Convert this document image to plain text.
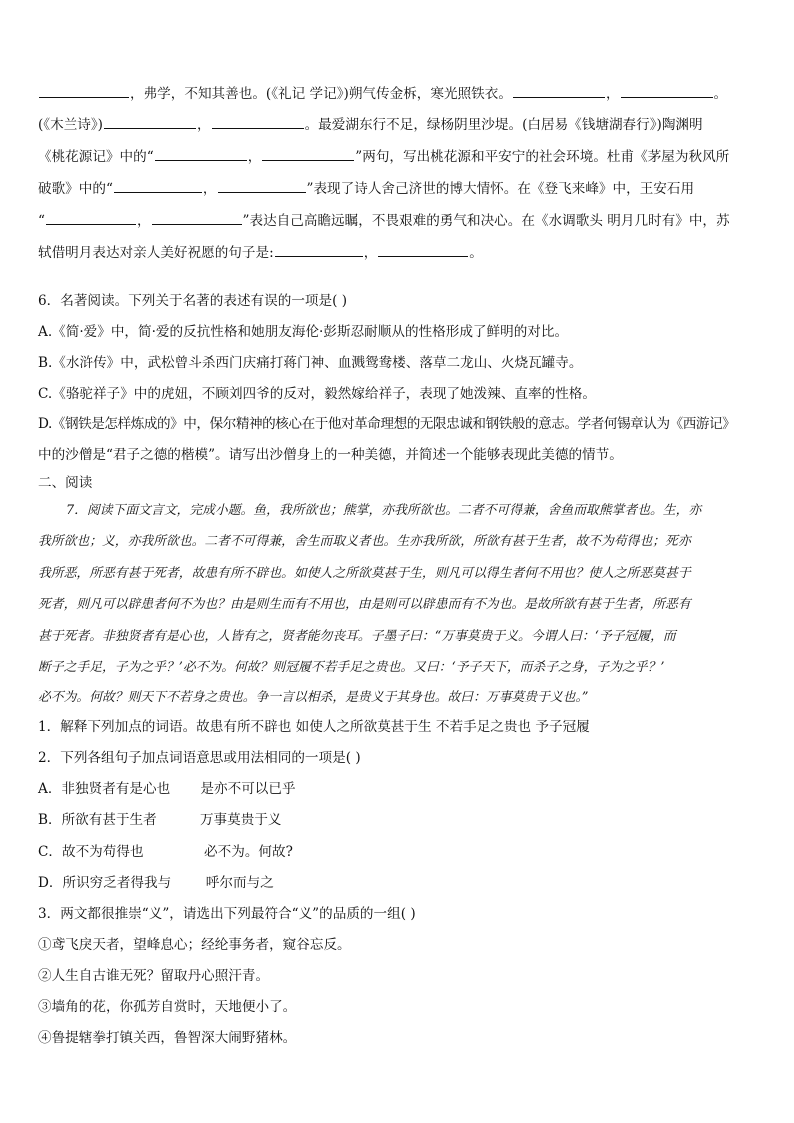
，弗学，不知其善也。(《礼记 学记》)朔气传金柝，寒光照铁衣。	，	。
(《木兰诗》)	，	。最爱湖东行不足，绿杨阴里沙堤。(白居易《钱塘湖春行》)陶渊明
《桃花源记》中的“	，	”两句，写出桃花源和平安宁的社会环境。杜甫《茅屋为秋风所
破歌》中的“	，	”表现了诗人舍己济世的博大情怀。在《登飞来峰》中，王安石用
“	，	”表达自己高瞻远瞩，不畏艰难的勇气和决心。在《水调歌头 明月几时有》中，苏
轼借明月表达对亲人美好祝愿的句子是:	，	。
6．名著阅读。下列关于名著的表述有误的一项是( )
A.《简·爱》中，简·爱的反抗性格和她朋友海伦·彭斯忍耐顺从的性格形成了鲜明的对比。
B.《水浒传》中，武松曾斗杀西门庆痛打蒋门神、血溅鸳鸯楼、落草二龙山、火烧瓦罐寺。
C.《骆驼祥子》中的虎妞，不顾刘四爷的反对，毅然嫁给祥子，表现了她泼辣、直率的性格。
D.《钢铁是怎样炼成的》中，保尔精神的核心在于他对革命理想的无限忠诚和钢铁般的意志。学者何锡章认为《西游记》
中的沙僧是“君子之德的楷模”。请写出沙僧身上的一种美德，并简述一个能够表现此美德的情节。
二、阅读
7．阅读下面文言文，完成小题。鱼，我所欲也；熊掌，亦我所欲也。二者不可得兼，舍鱼而取熊掌者也。生，亦
我所欲也；义，亦我所欲也。二者不可得兼，舍生而取义者也。生亦我所欲，所欲有甚于生者，故不为苟得也；死亦
我所恶，所恶有甚于死者，故患有所不辟也。如使人之所欲莫甚于生，则凡可以得生者何不用也？使人之所恶莫甚于
死者，则凡可以辟患者何不为也？由是则生而有不用也，由是则可以辟患而有不为也。是故所欲有甚于生者，所恶有
甚于死者。非独贤者有是心也，人皆有之，贤者能勿丧耳。子墨子曰：“万事莫贵于义。今谓人曰：‘予子冠履，而
断子之手足，子为之乎？’必不为。何故？则冠履不若手足之贵也。又曰：‘予子天下，而杀子之身，子为之乎？’
必不为。何故？则天下不若身之贵也。争一言以相杀，是贵义于其身也。故曰：万事莫贵于义也。”
1．解释下列加点的词语。故患有所不辟也 如使人之所欲莫甚于生 不若手足之贵也 予子冠履
2．下列各组句子加点词语意思或用法相同的一项是( )
A．非独贤者有是心也       是亦不可以已乎
B．所欲有甚于生者          万事莫贵于义
C．故不为苟得也              必不为。何故?
D．所识穷乏者得我与        呼尔而与之
3．两文都很推崇“义”，请选出下列最符合“义”的品质的一组( )
①鸢飞戾天者，望峰息心；经纶事务者，窥谷忘反。
②人生自古谁无死？留取丹心照汗青。
③墙角的花，你孤芳自赏时，天地便小了。
④鲁提辖拳打镇关西，鲁智深大闹野猪林。
